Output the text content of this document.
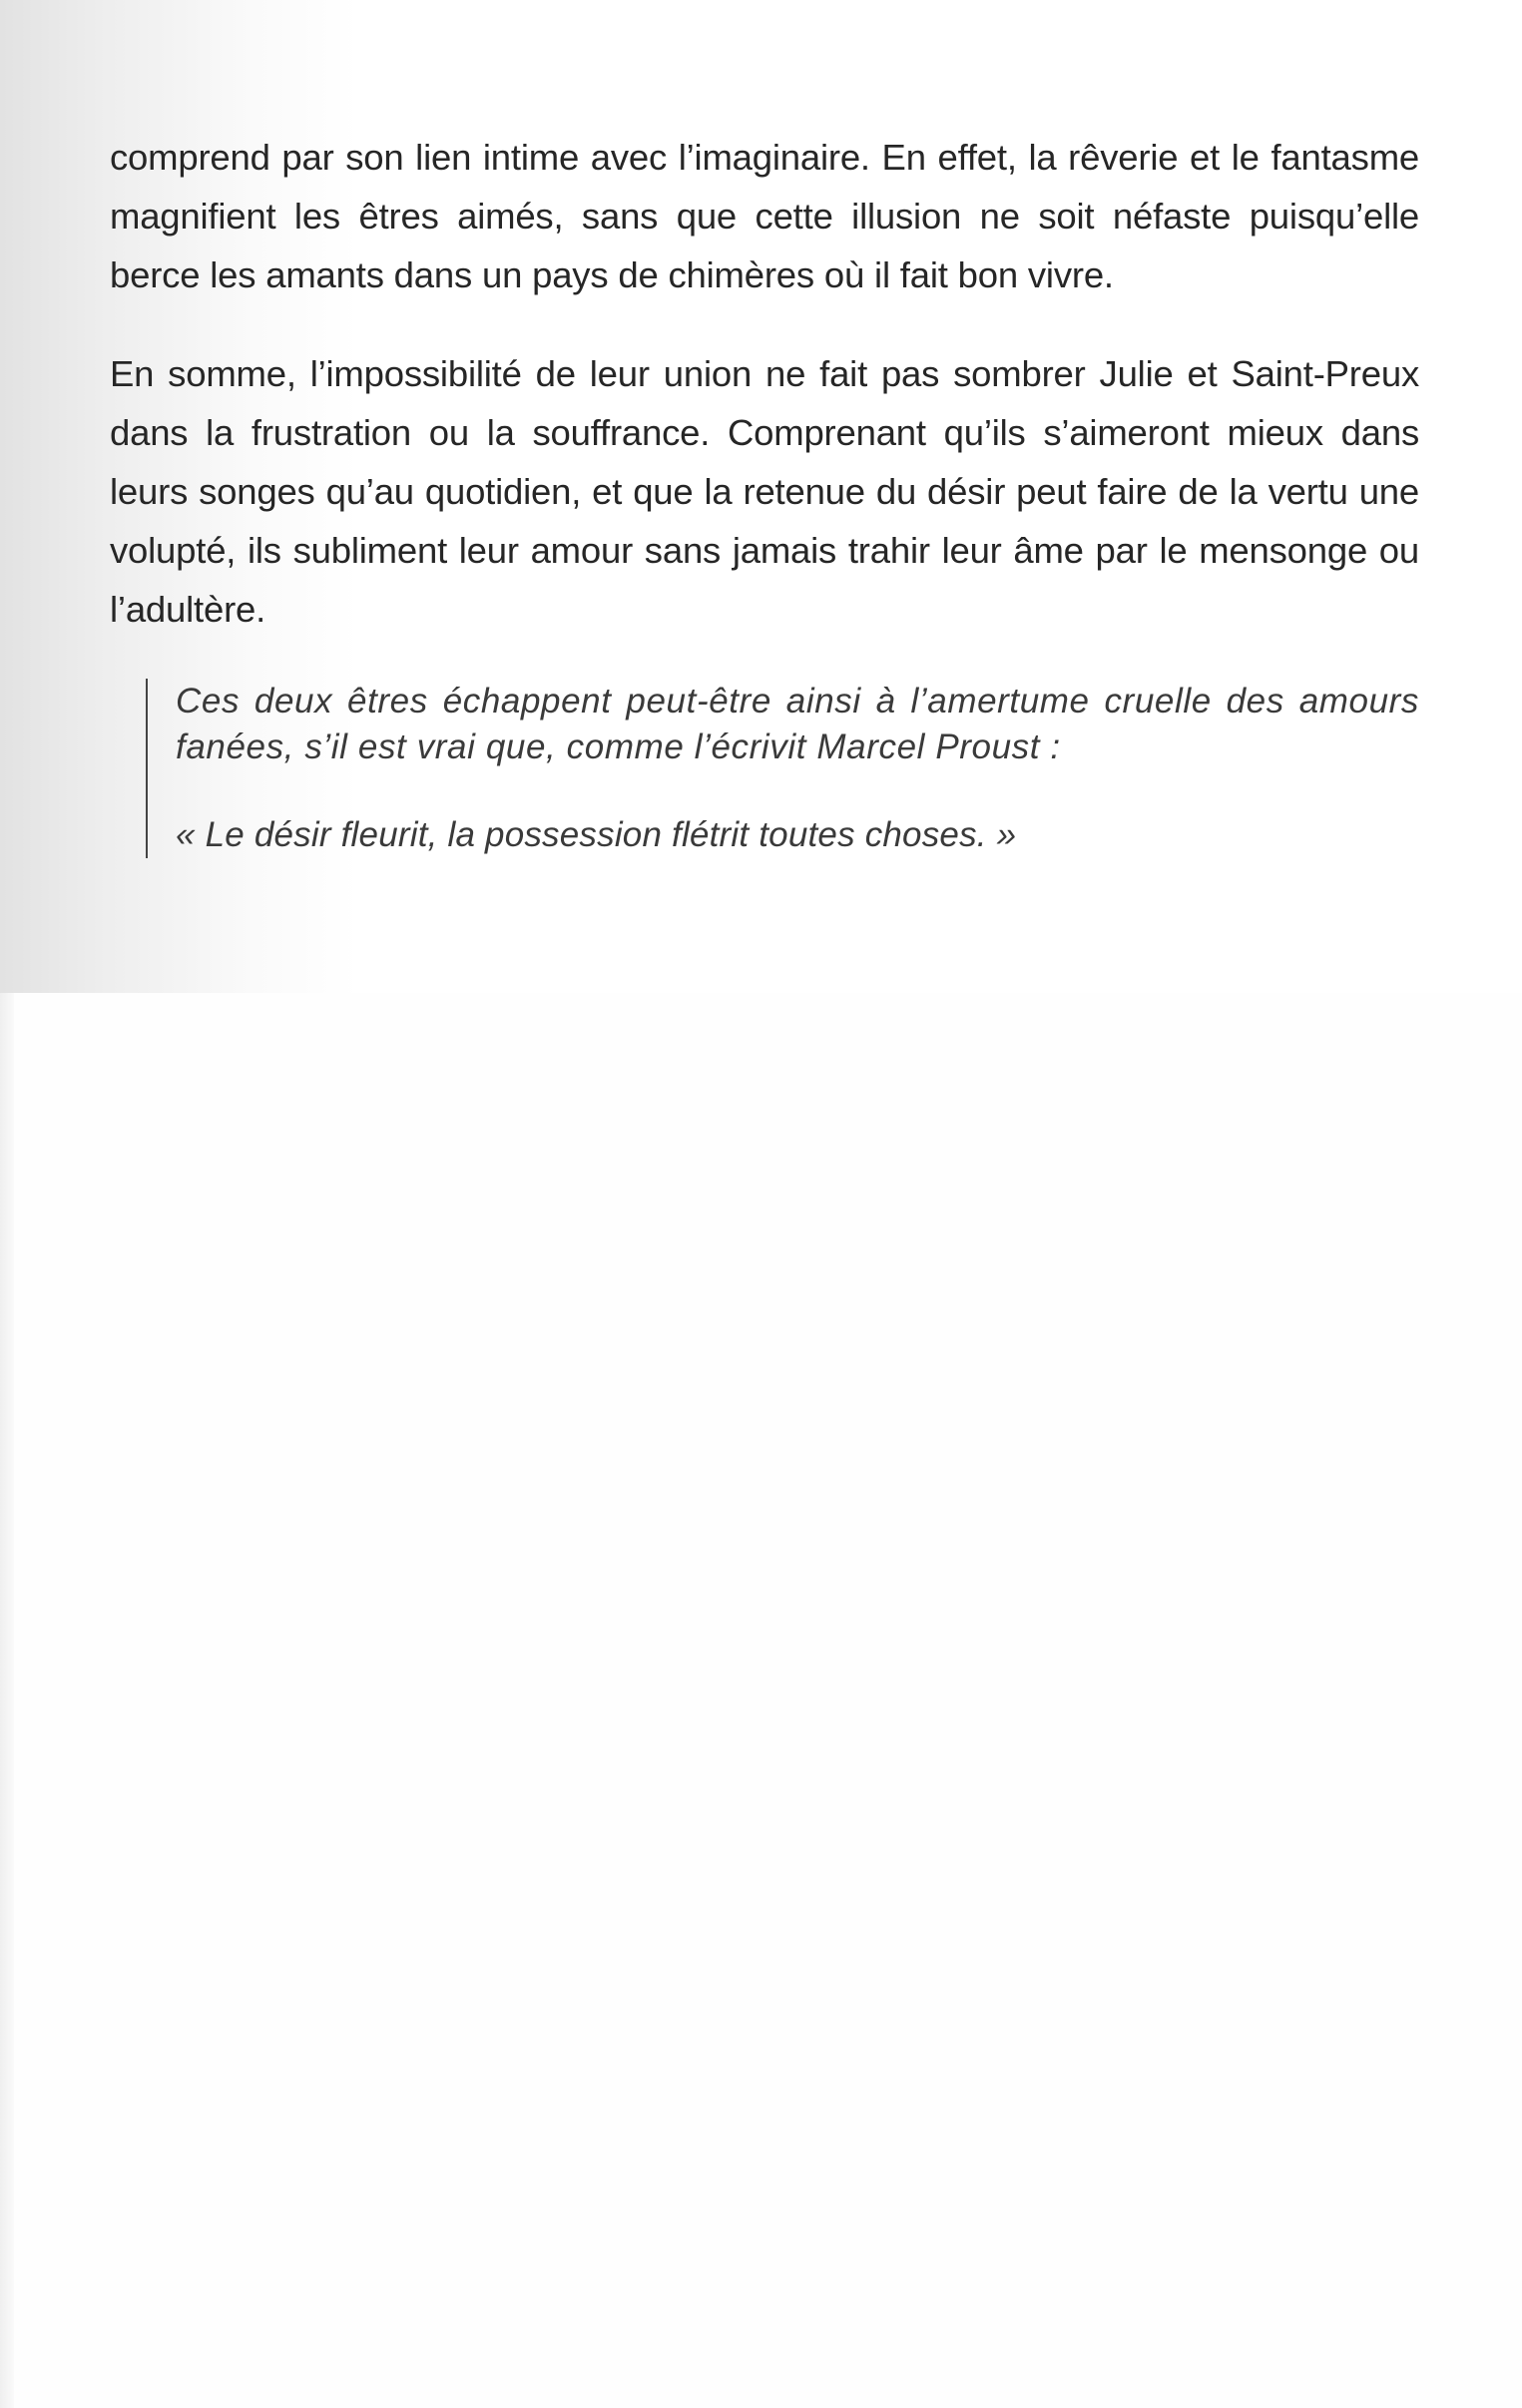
comprend par son lien intime avec l’imaginaire. En effet, la rêverie et le fantasme magnifient les êtres aimés, sans que cette illusion ne soit néfaste puisqu’elle berce les amants dans un pays de chimères où il fait bon vivre.

En somme, l’impossibilité de leur union ne fait pas sombrer Julie et Saint-Preux dans la frustration ou la souffrance. Comprenant qu’ils s’aimeront mieux dans leurs songes qu’au quotidien, et que la retenue du désir peut faire de la vertu une volupté, ils subliment leur amour sans jamais trahir leur âme par le mensonge ou l’adultère.

Ces deux êtres échappent peut-être ainsi à l’amertume cruelle des amours fanées, s’il est vrai que, comme l’écrivit Marcel Proust :

« Le désir fleurit, la possession flétrit toutes choses. »
